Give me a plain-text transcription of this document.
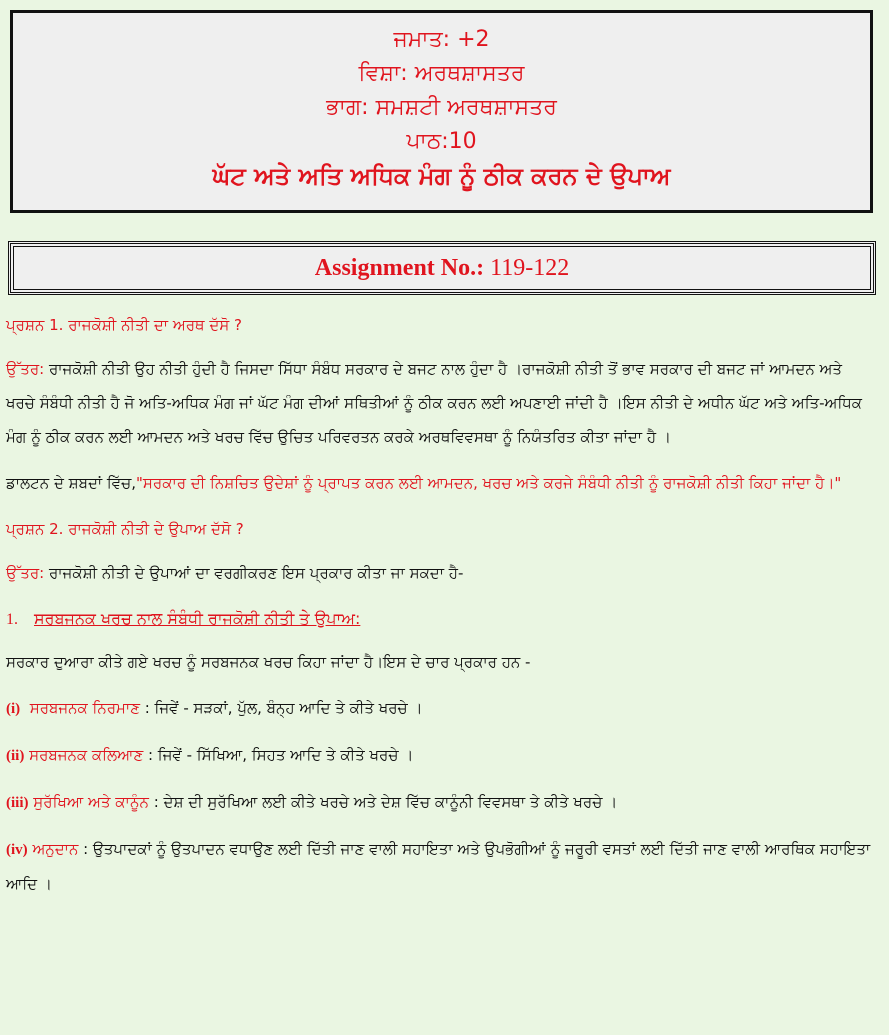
ਜਮਾਤ: +2
ਵਿਸ਼ਾ: ਅਰਥਸ਼ਾਸਤਰ
ਭਾਗ: ਸਮਸ਼ਟੀ ਅਰਥਸ਼ਾਸਤਰ
ਪਾਠ:10
ਘੱਟ ਅਤੇ ਅਤਿ ਅਧਿਕ ਮੰਗ ਨੂੰ ਠੀਕ ਕਰਨ ਦੇ ਉਪਾਅ
Assignment No.: 119-122

ਪ੍ਰਸ਼ਨ 1. ਰਾਜਕੋਸ਼ੀ ਨੀਤੀ ਦਾ ਅਰਥ ਦੱਸੋ ?

ਉੱਤਰ: ਰਾਜਕੋਸ਼ੀ ਨੀਤੀ ਉਹ ਨੀਤੀ ਹੁੰਦੀ ਹੈ ਜਿਸਦਾ ਸਿੱਧਾ ਸੰਬੰਧ ਸਰਕਾਰ ਦੇ ਬਜਟ ਨਾਲ ਹੁੰਦਾ ਹੈ ।ਰਾਜਕੋਸ਼ੀ ਨੀਤੀ ਤੋਂ ਭਾਵ ਸਰਕਾਰ ਦੀ ਬਜਟ ਜਾਂ ਆਮਦਨ ਅਤੇ ਖਰਚੇ ਸੰਬੰਧੀ ਨੀਤੀ ਹੈ ਜੋ ਅਤਿ-ਅਧਿਕ ਮੰਗ ਜਾਂ ਘੱਟ ਮੰਗ ਦੀਆਂ ਸਥਿਤੀਆਂ ਨੂੰ ਠੀਕ ਕਰਨ ਲਈ ਅਪਣਾਈ ਜਾਂਦੀ ਹੈ ।ਇਸ ਨੀਤੀ ਦੇ ਅਧੀਨ ਘੱਟ ਅਤੇ ਅਤਿ-ਅਧਿਕ ਮੰਗ ਨੂੰ ਠੀਕ ਕਰਨ ਲਈ ਆਮਦਨ ਅਤੇ ਖਰਚ ਵਿੱਚ ਉਚਿਤ ਪਰਿਵਰਤਨ ਕਰਕੇ ਅਰਥਵਿਵਸਥਾ ਨੂੰ ਨਿਯੰਤਰਿਤ ਕੀਤਾ ਜਾਂਦਾ ਹੈ ।

ਡਾਲਟਨ ਦੇ ਸ਼ਬਦਾਂ ਵਿੱਚ,"ਸਰਕਾਰ ਦੀ ਨਿਸ਼ਚਿਤ ਉਦੇਸ਼ਾਂ ਨੂੰ ਪ੍ਰਾਪਤ ਕਰਨ ਲਈ ਆਮਦਨ, ਖਰਚ ਅਤੇ ਕਰਜੇ ਸੰਬੰਧੀ ਨੀਤੀ ਨੂੰ ਰਾਜਕੋਸ਼ੀ ਨੀਤੀ ਕਿਹਾ ਜਾਂਦਾ ਹੈ।"

ਪ੍ਰਸ਼ਨ 2. ਰਾਜਕੋਸ਼ੀ ਨੀਤੀ ਦੇ ਉਪਾਅ ਦੱਸੋ ?

ਉੱਤਰ: ਰਾਜਕੋਸ਼ੀ ਨੀਤੀ ਦੇ ਉਪਾਆਂ ਦਾ ਵਰਗੀਕਰਣ ਇਸ ਪ੍ਰਕਾਰ ਕੀਤਾ ਜਾ ਸਕਦਾ ਹੈ-

1. ਸਰਬਜਨਕ ਖਰਚ ਨਾਲ ਸੰਬੰਧੀ ਰਾਜਕੋਸ਼ੀ ਨੀਤੀ ਤੇ ਉਪਾਅ:

ਸਰਕਾਰ ਦੁਆਰਾ ਕੀਤੇ ਗਏ ਖਰਚ ਨੂੰ ਸਰਬਜਨਕ ਖਰਚ ਕਿਹਾ ਜਾਂਦਾ ਹੈ।ਇਸ ਦੇ ਚਾਰ ਪ੍ਰਕਾਰ ਹਨ -

(i) ਸਰਬਜਨਕ ਨਿਰਮਾਣ : ਜਿਵੇਂ - ਸੜਕਾਂ, ਪੁੱਲ, ਬੰਨ੍ਹ ਆਦਿ ਤੇ ਕੀਤੇ ਖਰਚੇ ।

(ii) ਸਰਬਜਨਕ ਕਲਿਆਣ : ਜਿਵੇਂ - ਸਿੱਖਿਆ, ਸਿਹਤ ਆਦਿ ਤੇ ਕੀਤੇ ਖਰਚੇ ।

(iii) ਸੁਰੱਖਿਆ ਅਤੇ ਕਾਨੂੰਨ : ਦੇਸ਼ ਦੀ ਸੁਰੱਖਿਆ ਲਈ ਕੀਤੇ ਖਰਚੇ ਅਤੇ ਦੇਸ਼ ਵਿੱਚ ਕਾਨੂੰਨੀ ਵਿਵਸਥਾ ਤੇ ਕੀਤੇ ਖਰਚੇ ।

(iv) ਅਨੁਦਾਨ : ਉਤਪਾਦਕਾਂ ਨੂੰ ਉਤਪਾਦਨ ਵਧਾਉਣ ਲਈ ਦਿੱਤੀ ਜਾਣ ਵਾਲੀ ਸਹਾਇਤਾ ਅਤੇ ਉਪਭੋਗੀਆਂ ਨੂੰ ਜਰੂਰੀ ਵਸਤਾਂ ਲਈ ਦਿੱਤੀ ਜਾਣ ਵਾਲੀ ਆਰਥਿਕ ਸਹਾਇਤਾ ਆਦਿ ।
